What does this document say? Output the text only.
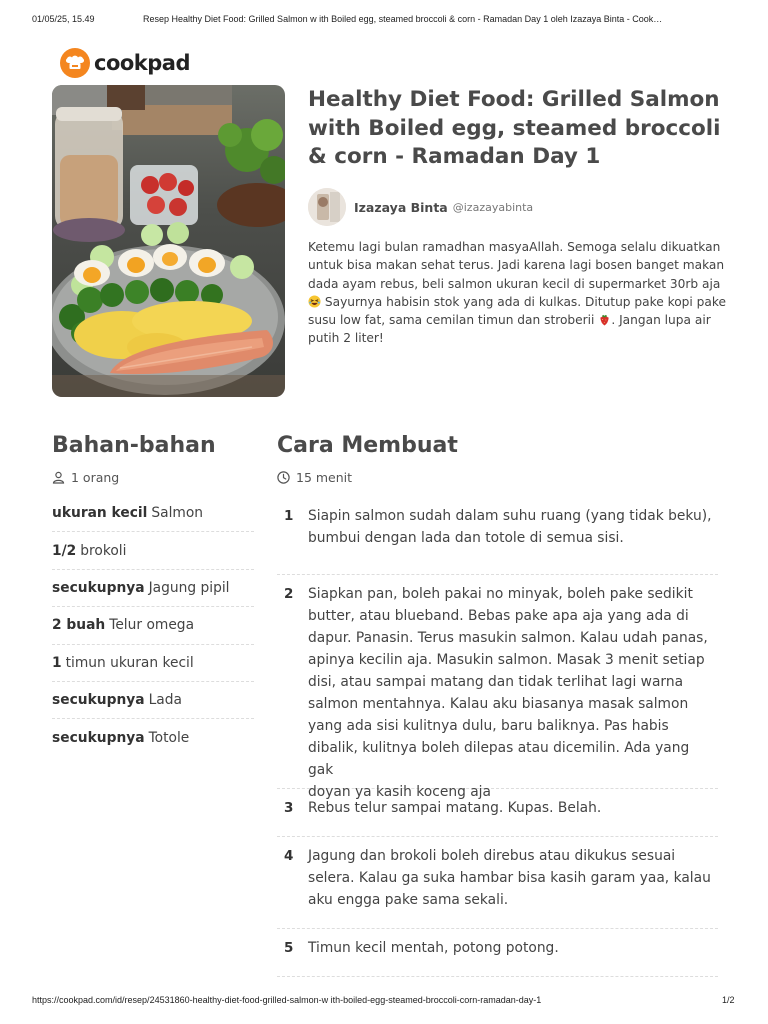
01/05/25, 15.49	Resep Healthy Diet Food: Grilled Salmon w ith Boiled egg, steamed broccoli & corn - Ramadan Day 1 oleh Izazaya Binta - Cook…
cookpad
Healthy Diet Food: Grilled Salmon with Boiled egg, steamed broccoli & corn - Ramadan Day 1
Izazaya Binta @izazayabinta

Ketemu lagi bulan ramadhan masyaAllah. Semoga selalu dikuatkan untuk bisa makan sehat terus. Jadi karena lagi bosen banget makan dada ayam rebus, beli salmon ukuran kecil di supermarket 30rb aja  Sayurnya habisin stok yang ada di kulkas. Ditutup pake kopi pake susu low fat, sama cemilan timun dan stroberii . Jangan lupa air putih 2 liter!

Bahan-bahan
1 orang
ukuran kecil Salmon
1/2 brokoli
secukupnya Jagung pipil
2 buah Telur omega
1 timun ukuran kecil
secukupnya Lada
secukupnya Totole
Cara Membuat
15 menit
1	Siapin salmon sudah dalam suhu ruang (yang tidak beku),
bumbui dengan lada dan totole di semua sisi.
2	Siapkan pan, boleh pakai no minyak, boleh pake sedikit
butter, atau blueband. Bebas pake apa aja yang ada di
dapur. Panasin. Terus masukin salmon. Kalau udah panas,
apinya kecilin aja. Masukin salmon. Masak 3 menit setiap
disi, atau sampai matang dan tidak terlihat lagi warna
salmon mentahnya. Kalau aku biasanya masak salmon
yang ada sisi kulitnya dulu, baru baliknya. Pas habis
dibalik, kulitnya boleh dilepas atau dicemilin. Ada yang gak
doyan ya kasih koceng aja
3	Rebus telur sampai matang. Kupas. Belah.
4	Jagung dan brokoli boleh direbus atau dikukus sesuai
selera. Kalau ga suka hambar bisa kasih garam yaa, kalau
aku engga pake sama sekali.
5	Timun kecil mentah, potong potong.
https://cookpad.com/id/resep/24531860-healthy-diet-food-grilled-salmon-w ith-boiled-egg-steamed-broccoli-corn-ramadan-day-1	1/2
